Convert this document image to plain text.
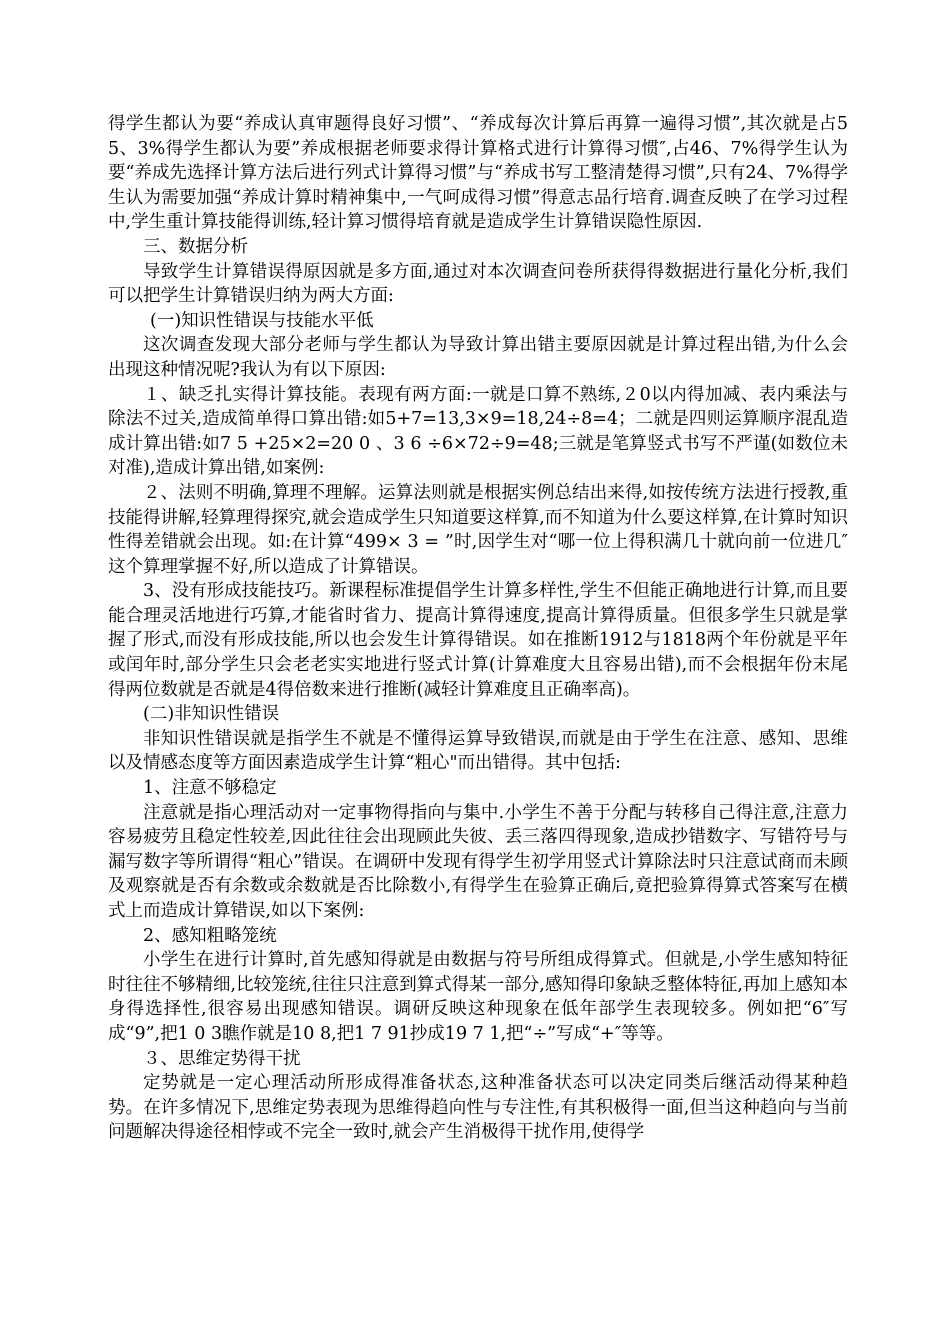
得学生都认为要“养成认真审题得良好习惯”、“养成每次计算后再算一遍得习惯”,其次就是占5 5、3%得学生都认为要”养成根据老师要求得计算格式进行计算得习惯″,占46、7%得学生认为要“养成先选择计算方法后进行列式计算得习惯”与“养成书写工整清楚得习惯”,只有24、7%得学生认为需要加强“养成计算时精神集中,一气呵成得习惯”得意志品行培育.调查反映了在学习过程中,学生重计算技能得训练,轻计算习惯得培育就是造成学生计算错误隐性原因.

三、数据分析

导致学生计算错误得原因就是多方面,通过对本次调查问卷所获得得数据进行量化分析,我们可以把学生计算错误归纳为两大方面:

(一)知识性错误与技能水平低

这次调查发现大部分老师与学生都认为导致计算出错主要原因就是计算过程出错,为什么会出现这种情况呢?我认为有以下原因:

１、缺乏扎实得计算技能。表现有两方面:一就是口算不熟练,２0以内得加减、表内乘法与除法不过关,造成简单得口算出错:如5+7=13,3×9=18,24÷8=4；二就是四则运算顺序混乱造成计算出错:如7 5 +25×2=20 0 、3 6 ÷6×72÷9=48;三就是笔算竖式书写不严谨(如数位未对准),造成计算出错,如案例:

２、法则不明确,算理不理解。运算法则就是根据实例总结出来得,如按传统方法进行授教,重技能得讲解,轻算理得探究,就会造成学生只知道要这样算,而不知道为什么要这样算,在计算时知识性得差错就会出现。如:在计算“499× 3 = ”时,因学生对“哪一位上得积满几十就向前一位进几″这个算理掌握不好,所以造成了计算错误。

3、没有形成技能技巧。新课程标准提倡学生计算多样性,学生不但能正确地进行计算,而且要能合理灵活地进行巧算,才能省时省力、提高计算得速度,提高计算得质量。但很多学生只就是掌握了形式,而没有形成技能,所以也会发生计算得错误。如在推断1912与1818两个年份就是平年或闰年时,部分学生只会老老实实地进行竖式计算(计算难度大且容易出错),而不会根据年份末尾得两位数就是否就是4得倍数来进行推断(减轻计算难度且正确率高)。

(二)非知识性错误

非知识性错误就是指学生不就是不懂得运算导致错误,而就是由于学生在注意、感知、思维以及情感态度等方面因素造成学生计算“粗心"而出错得。其中包括:

1、注意不够稳定

注意就是指心理活动对一定事物得指向与集中.小学生不善于分配与转移自己得注意,注意力容易疲劳且稳定性较差,因此往往会出现顾此失彼、丢三落四得现象,造成抄错数字、写错符号与漏写数字等所谓得“粗心”错误。在调研中发现有得学生初学用竖式计算除法时只注意试商而未顾及观察就是否有余数或余数就是否比除数小,有得学生在验算正确后,竟把验算得算式答案写在横式上而造成计算错误,如以下案例:

2、感知粗略笼统

小学生在进行计算时,首先感知得就是由数据与符号所组成得算式。但就是,小学生感知特征时往往不够精细,比较笼统,往往只注意到算式得某一部分,感知得印象缺乏整体特征,再加上感知本身得选择性,很容易出现感知错误。调研反映这种现象在低年部学生表现较多。例如把“6″写成“9”,把1 0 3瞧作就是10 8,把1 7 91抄成19 7 1,把“÷”写成“+″等等。

３、思维定势得干扰

定势就是一定心理活动所形成得准备状态,这种准备状态可以决定同类后继活动得某种趋势。在许多情况下,思维定势表现为思维得趋向性与专注性,有其积极得一面,但当这种趋向与当前问题解决得途径相悖或不完全一致时,就会产生消极得干扰作用,使得学
